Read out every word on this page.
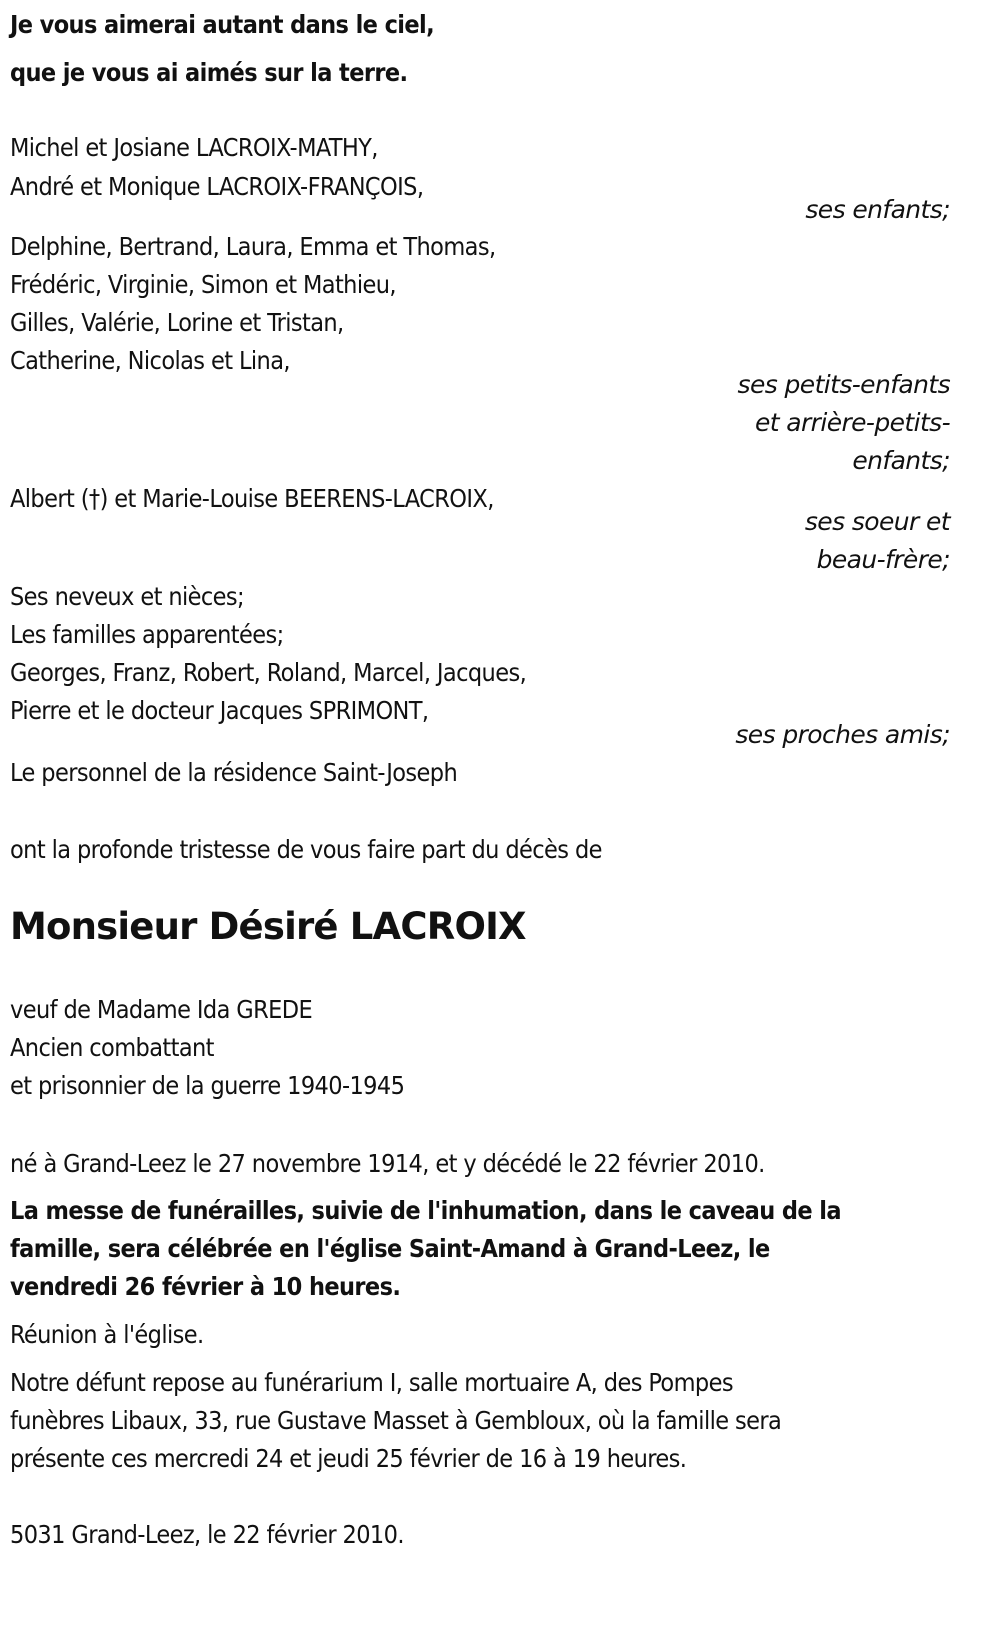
Je vous aimerai autant dans le ciel,
que je vous ai aimés sur la terre.
Michel et Josiane LACROIX-MATHY,
André et Monique LACROIX-FRANÇOIS,
ses enfants;
Delphine, Bertrand, Laura, Emma et Thomas,
Frédéric, Virginie, Simon et Mathieu,
Gilles, Valérie, Lorine et Tristan,
Catherine, Nicolas et Lina,
ses petits-enfants
et arrière-petits-
enfants;
Albert (†) et Marie-Louise BEERENS-LACROIX,
ses soeur et
beau-frère;
Ses neveux et nièces;
Les familles apparentées;
Georges, Franz, Robert, Roland, Marcel, Jacques,
Pierre et le docteur Jacques SPRIMONT,
ses proches amis;
Le personnel de la résidence Saint-Joseph
ont la profonde tristesse de vous faire part du décès de
Monsieur Désiré LACROIX
veuf de Madame Ida GREDE
Ancien combattant
et prisonnier de la guerre 1940-1945
né à Grand-Leez le 27 novembre 1914, et y décédé le 22 février 2010.
La messe de funérailles, suivie de l'inhumation, dans le caveau de la
famille, sera célébrée en l'église Saint-Amand à Grand-Leez, le
vendredi 26 février à 10 heures.
Réunion à l'église.
Notre défunt repose au funérarium I, salle mortuaire A, des Pompes
funèbres Libaux, 33, rue Gustave Masset à Gembloux, où la famille sera
présente ces mercredi 24 et jeudi 25 février de 16 à 19 heures.
5031 Grand-Leez, le 22 février 2010.
